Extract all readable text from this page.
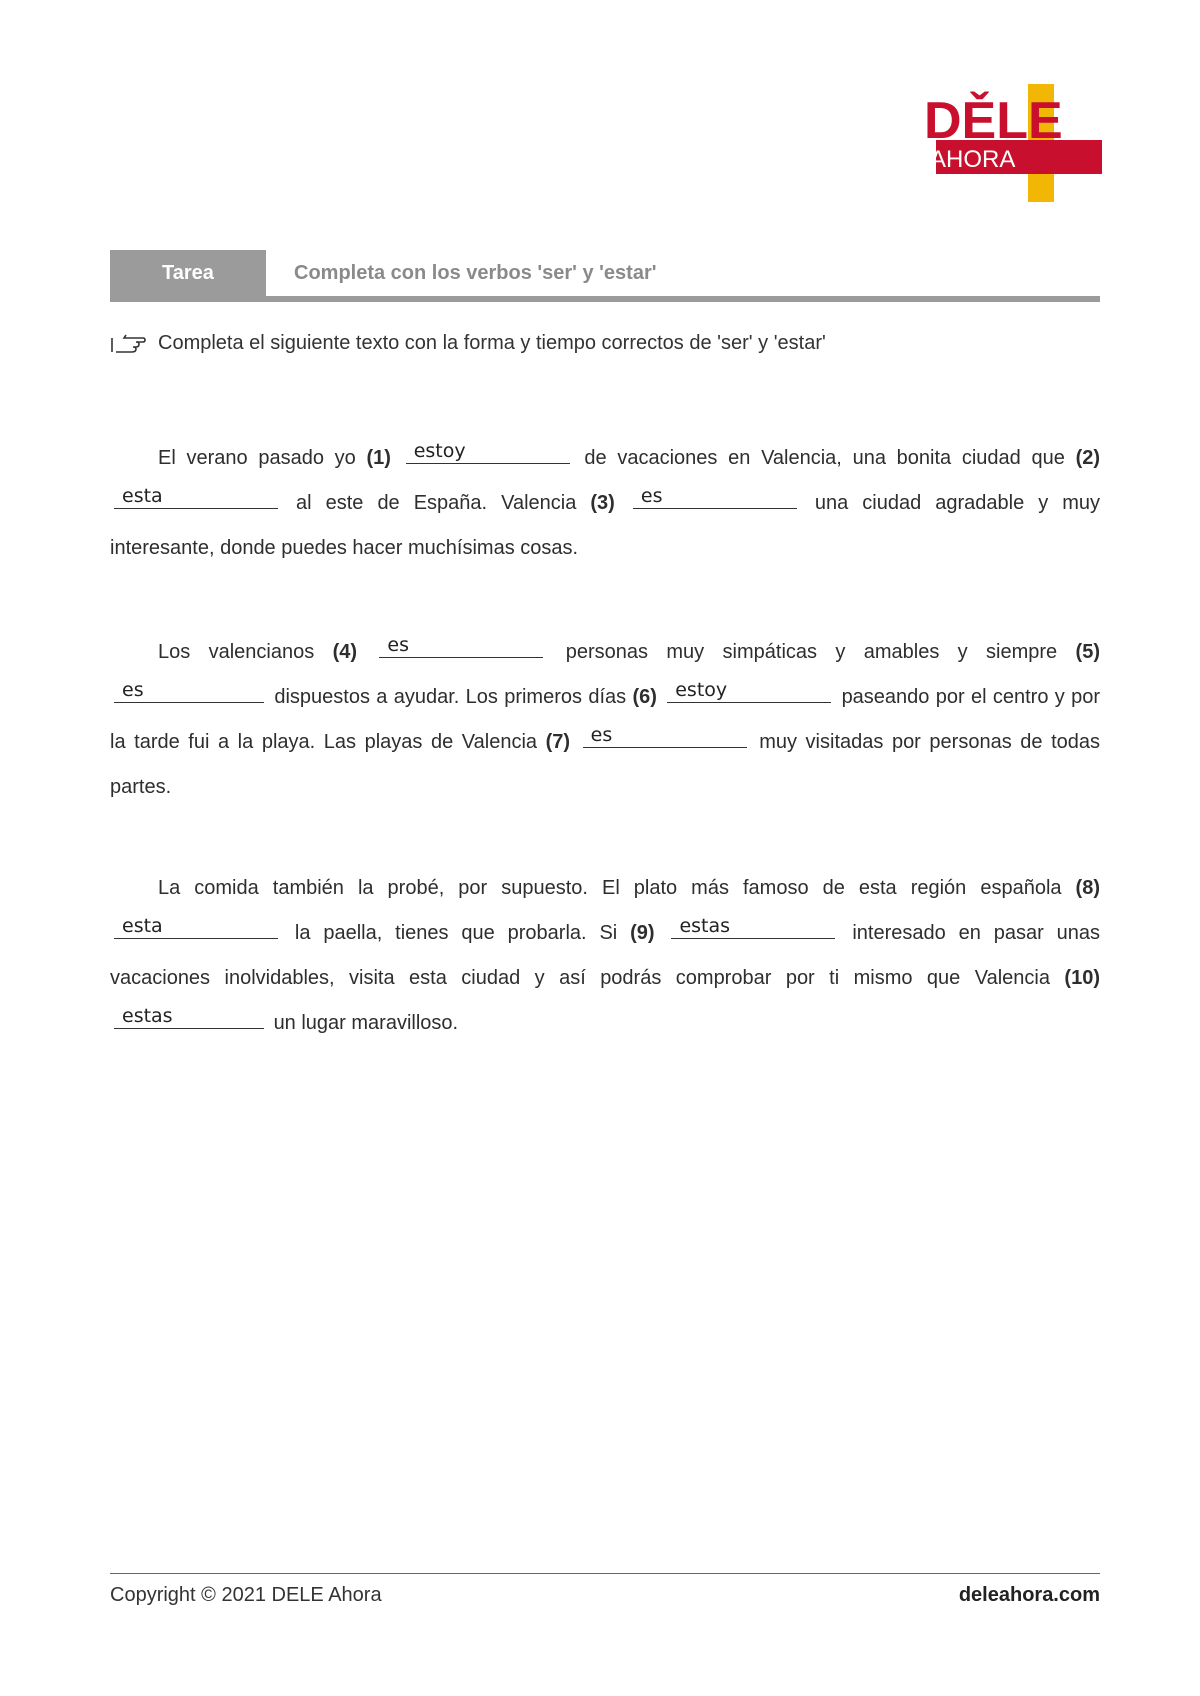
DĚLE
AHORA
Tarea	Completa con los verbos 'ser' y 'estar'
Completa el siguiente texto con la forma y tiempo correctos de 'ser' y 'estar'
El verano pasado yo (1) estoy	de vacaciones en Valencia, una bonita ciudad que (2)
esta	al este de España. Valencia (3) es	una ciudad agradable y muy interesante, donde puedes hacer muchísimas cosas.
Los valencianos (4) es	personas muy simpáticas y amables y siempre (5)
es	dispuestos a ayudar. Los primeros días (6) estoy	paseando por el centro y por la tarde fui a la playa. Las playas de Valencia (7) es	muy visitadas por personas de todas partes.
La comida también la probé, por supuesto. El plato más famoso de esta región española (8)
esta	la paella, tienes que probarla. Si (9) estas	interesado en pasar unas vacaciones inolvidables, visita esta ciudad y así podrás comprobar por ti mismo que Valencia (10)
estas	un lugar maravilloso.
Copyright © 2021 DELE Ahora	deleahora.com
